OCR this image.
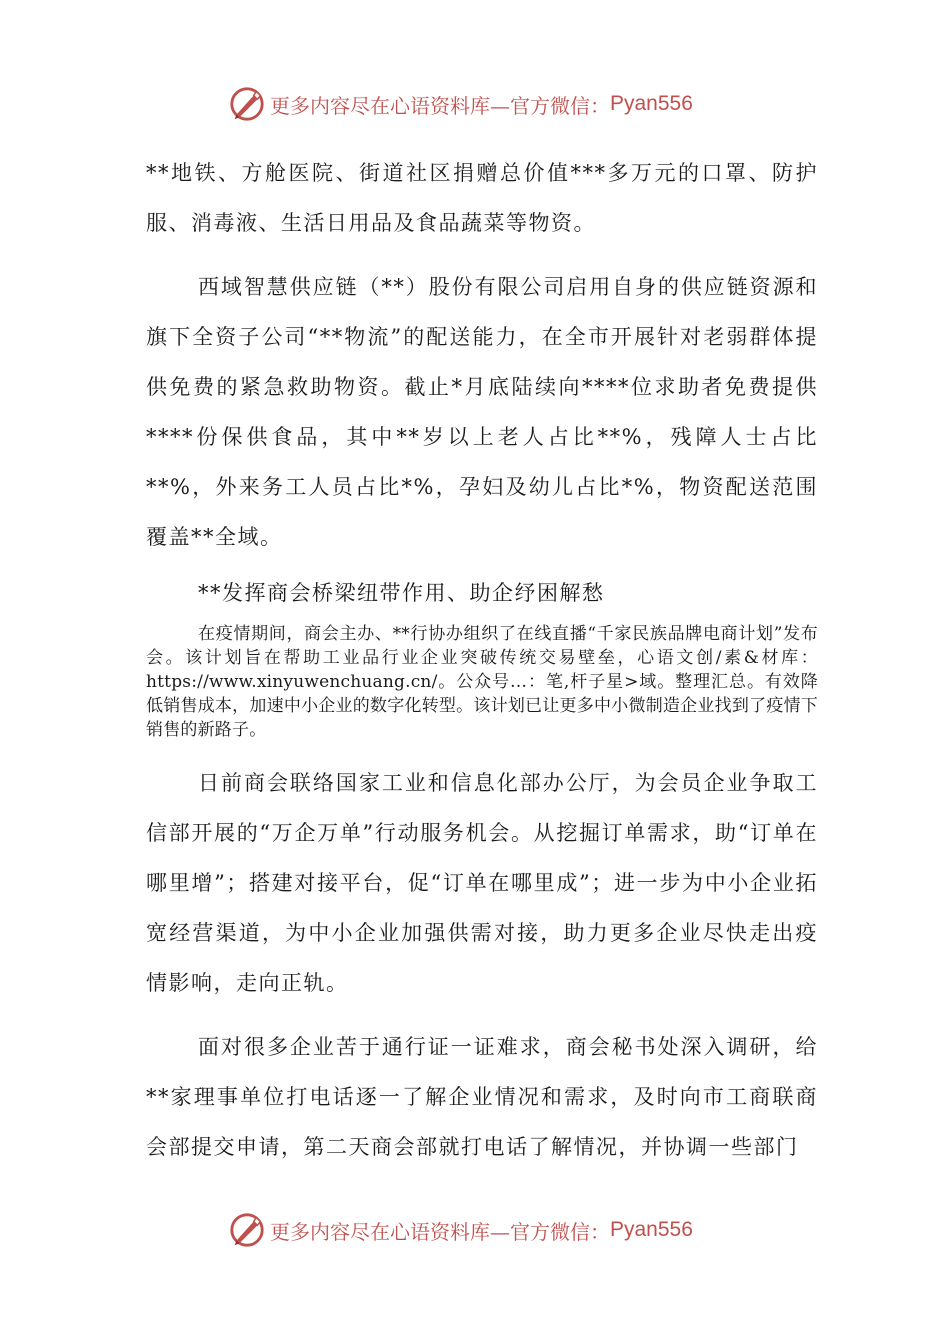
更多内容尽在心语资料库—官方微信： Pyan556

**地铁、方舱医院、街道社区捐赠总价值***多万元的口罩、防护服、消毒液、生活日用品及食品蔬菜等物资。

西域智慧供应链（**）股份有限公司启用自身的供应链资源和旗下全资子公司“**物流”的配送能力，在全市开展针对老弱群体提供免费的紧急救助物资。截止*月底陆续向****位求助者免费提供****份保供食品，其中**岁以上老人占比**%，残障人士占比**%，外来务工人员占比*%，孕妇及幼儿占比*%，物资配送范围覆盖**全域。

**发挥商会桥梁纽带作用、助企纾困解愁

在疫情期间，商会主办、**行协办组织了在线直播“千家民族品牌电商计划”发布会。该计划旨在帮助工业品行业企业突破传统交易壁垒，心语文创/素&材库：https://www.xinyuwenchuang.cn/。公众号…：笔,杆子星>域。整理汇总。有效降低销售成本，加速中小企业的数字化转型。该计划已让更多中小微制造企业找到了疫情下销售的新路子。

日前商会联络国家工业和信息化部办公厅，为会员企业争取工信部开展的“万企万单”行动服务机会。从挖掘订单需求，助“订单在哪里增”；搭建对接平台，促“订单在哪里成”；进一步为中小企业拓宽经营渠道，为中小企业加强供需对接，助力更多企业尽快走出疫情影响，走向正轨。

面对很多企业苦于通行证一证难求，商会秘书处深入调研，给**家理事单位打电话逐一了解企业情况和需求，及时向市工商联商会部提交申请，第二天商会部就打电话了解情况，并协调一些部门

更多内容尽在心语资料库—官方微信： Pyan556
